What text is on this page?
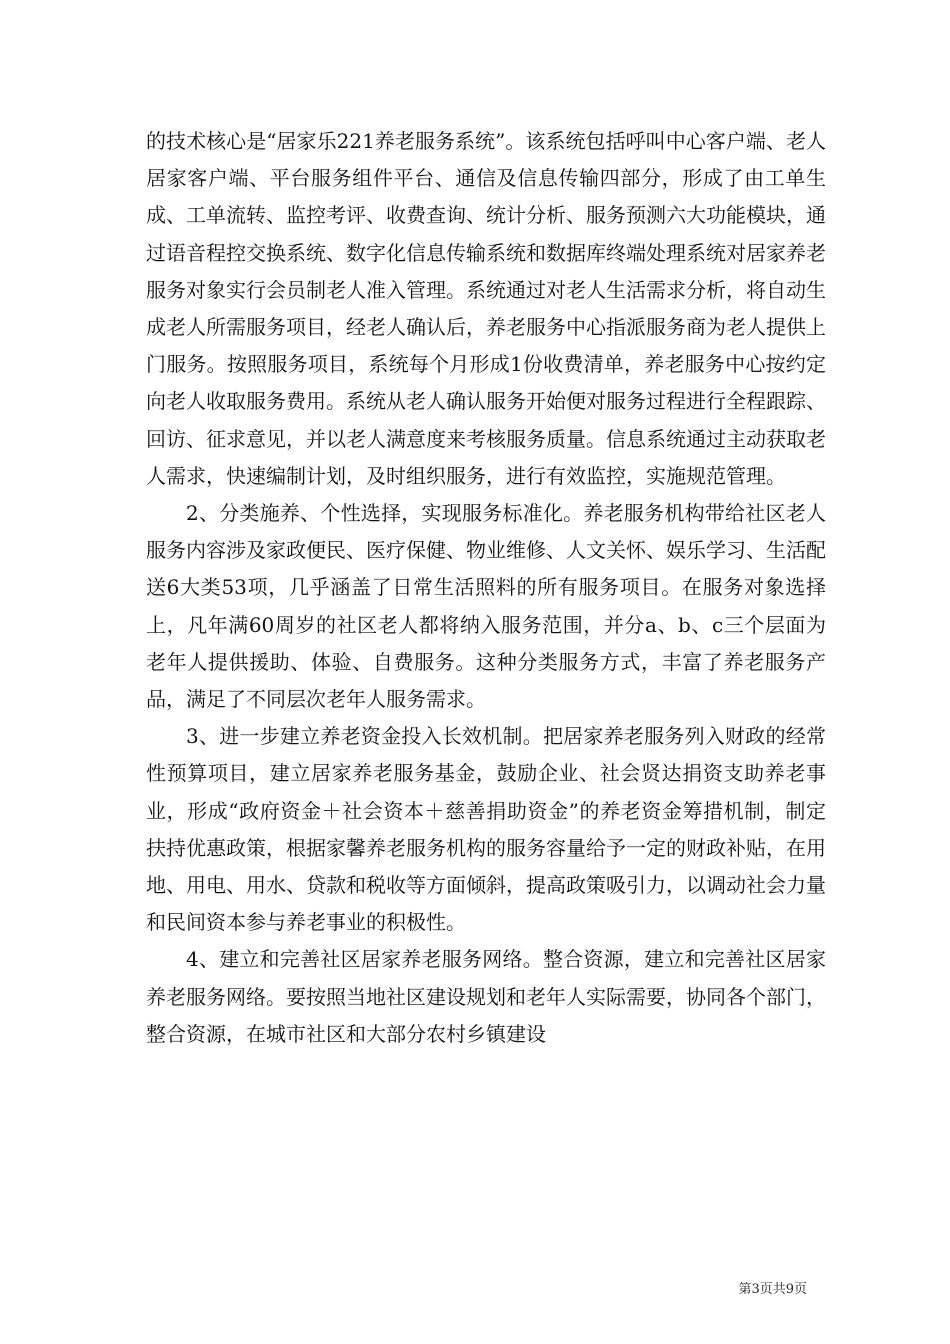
的技术核心是“居家乐221养老服务系统”。该系统包括呼叫中心客户端、老人居家客户端、平台服务组件平台、通信及信息传输四部分，形成了由工单生成、工单流转、监控考评、收费查询、统计分析、服务预测六大功能模块，通过语音程控交换系统、数字化信息传输系统和数据库终端处理系统对居家养老服务对象实行会员制老人准入管理。系统通过对老人生活需求分析，将自动生成老人所需服务项目，经老人确认后，养老服务中心指派服务商为老人提供上门服务。按照服务项目，系统每个月形成1份收费清单，养老服务中心按约定向老人收取服务费用。系统从老人确认服务开始便对服务过程进行全程跟踪、回访、征求意见，并以老人满意度来考核服务质量。信息系统通过主动获取老人需求，快速编制计划，及时组织服务，进行有效监控，实施规范管理。

2、分类施养、个性选择，实现服务标准化。养老服务机构带给社区老人服务内容涉及家政便民、医疗保健、物业维修、人文关怀、娱乐学习、生活配送6大类53项，几乎涵盖了日常生活照料的所有服务项目。在服务对象选择上，凡年满60周岁的社区老人都将纳入服务范围，并分a、b、c三个层面为老年人提供援助、体验、自费服务。这种分类服务方式，丰富了养老服务产品，满足了不同层次老年人服务需求。

3、进一步建立养老资金投入长效机制。把居家养老服务列入财政的经常性预算项目，建立居家养老服务基金，鼓励企业、社会贤达捐资支助养老事业，形成“政府资金＋社会资本＋慈善捐助资金”的养老资金筹措机制，制定扶持优惠政策，根据家馨养老服务机构的服务容量给予一定的财政补贴，在用地、用电、用水、贷款和税收等方面倾斜，提高政策吸引力，以调动社会力量和民间资本参与养老事业的积极性。

4、建立和完善社区居家养老服务网络。整合资源，建立和完善社区居家养老服务网络。要按照当地社区建设规划和老年人实际需要，协同各个部门，整合资源，在城市社区和大部分农村乡镇建设

第3页共9页
